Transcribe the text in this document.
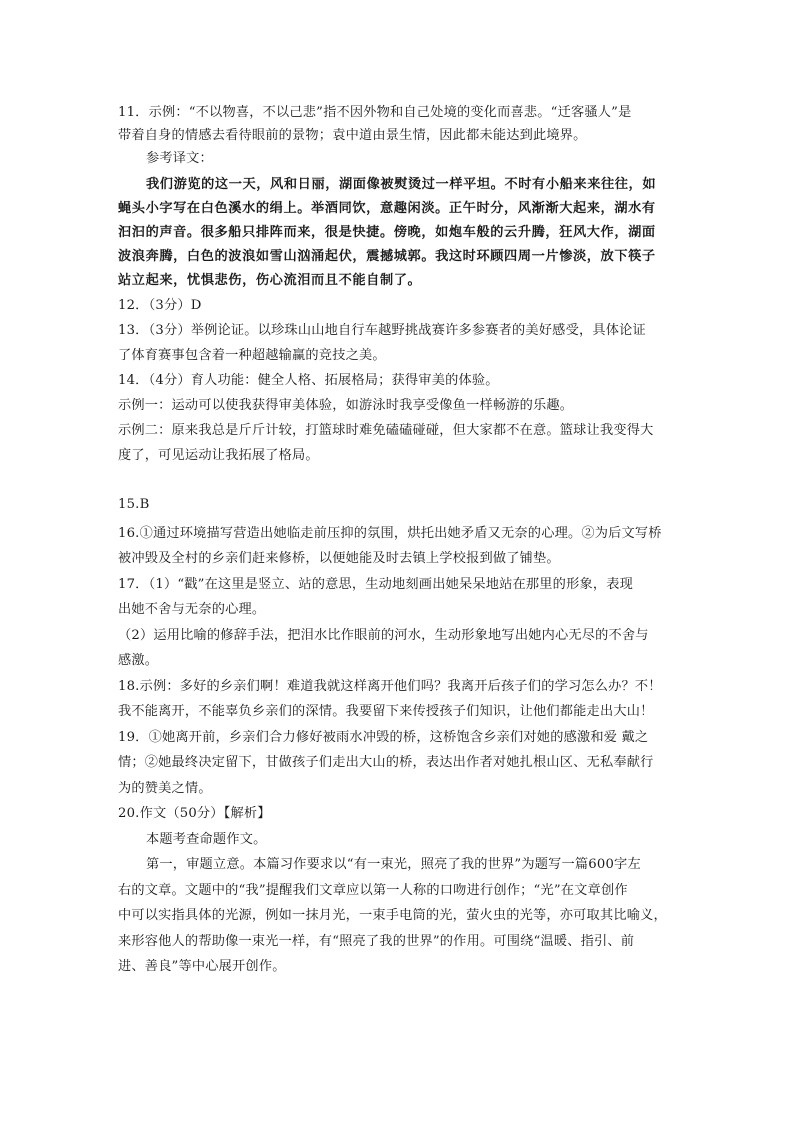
11．示例：“不以物喜，不以己悲”指不因外物和自己处境的变化而喜悲。“迁客骚人”是
带着自身的情感去看待眼前的景物；袁中道由景生情，因此都未能达到此境界。
参考译文：
我们游览的这一天，风和日丽，湖面像被熨烫过一样平坦。不时有小船来来往往，如
蝇头小字写在白色溪水的绢上。举酒同饮，意趣闲淡。正午时分，风渐渐大起来，湖水有
汩汩的声音。很多船只排阵而来，很是快捷。傍晚，如炮车般的云升腾，狂风大作，湖面
波浪奔腾，白色的波浪如雪山汹涌起伏，震撼城郭。我这时环顾四周一片惨淡，放下筷子
站立起来，忧惧悲伤，伤心流泪而且不能自制了。
12．（3分）D
13．（3分）举例论证。以珍珠山山地自行车越野挑战赛许多参赛者的美好感受，具体论证
了体育赛事包含着一种超越输赢的竞技之美。
14．（4分）育人功能：健全人格、拓展格局；获得审美的体验。
示例一：运动可以使我获得审美体验，如游泳时我享受像鱼一样畅游的乐趣。
示例二：原来我总是斤斤计较，打篮球时难免磕磕碰碰，但大家都不在意。篮球让我变得大
度了，可见运动让我拓展了格局。
15.B
16.①通过环境描写营造出她临走前压抑的氛围，烘托出她矛盾又无奈的心理。②为后文写桥
被冲毁及全村的乡亲们赶来修桥，以便她能及时去镇上学校报到做了铺垫。
17．（1）“戳”在这里是竖立、站的意思，生动地刻画出她呆呆地站在那里的形象，表现
出她不舍与无奈的心理。
（2）运用比喻的修辞手法，把泪水比作眼前的河水，生动形象地写出她内心无尽的不舍与
感激。
18.示例：多好的乡亲们啊！难道我就这样离开他们吗？我离开后孩子们的学习怎么办？不！
我不能离开，不能辜负乡亲们的深情。我要留下来传授孩子们知识，让他们都能走出大山！
19．①她离开前，乡亲们合力修好被雨水冲毁的桥，这桥饱含乡亲们对她的感激和爱 戴之
情；②她最终决定留下，甘做孩子们走出大山的桥，表达出作者对她扎根山区、无私奉献行
为的赞美之情。
20.作文（50分）【解析】
本题考查命题作文。
第一，审题立意。本篇习作要求以“有一束光，照亮了我的世界”为题写一篇600字左
右的文章。文题中的“我”提醒我们文章应以第一人称的口吻进行创作；“光”在文章创作
中可以实指具体的光源，例如一抹月光，一束手电筒的光，萤火虫的光等，亦可取其比喻义，
来形容他人的帮助像一束光一样，有“照亮了我的世界”的作用。可围绕“温暖、指引、前
进、善良”等中心展开创作。
